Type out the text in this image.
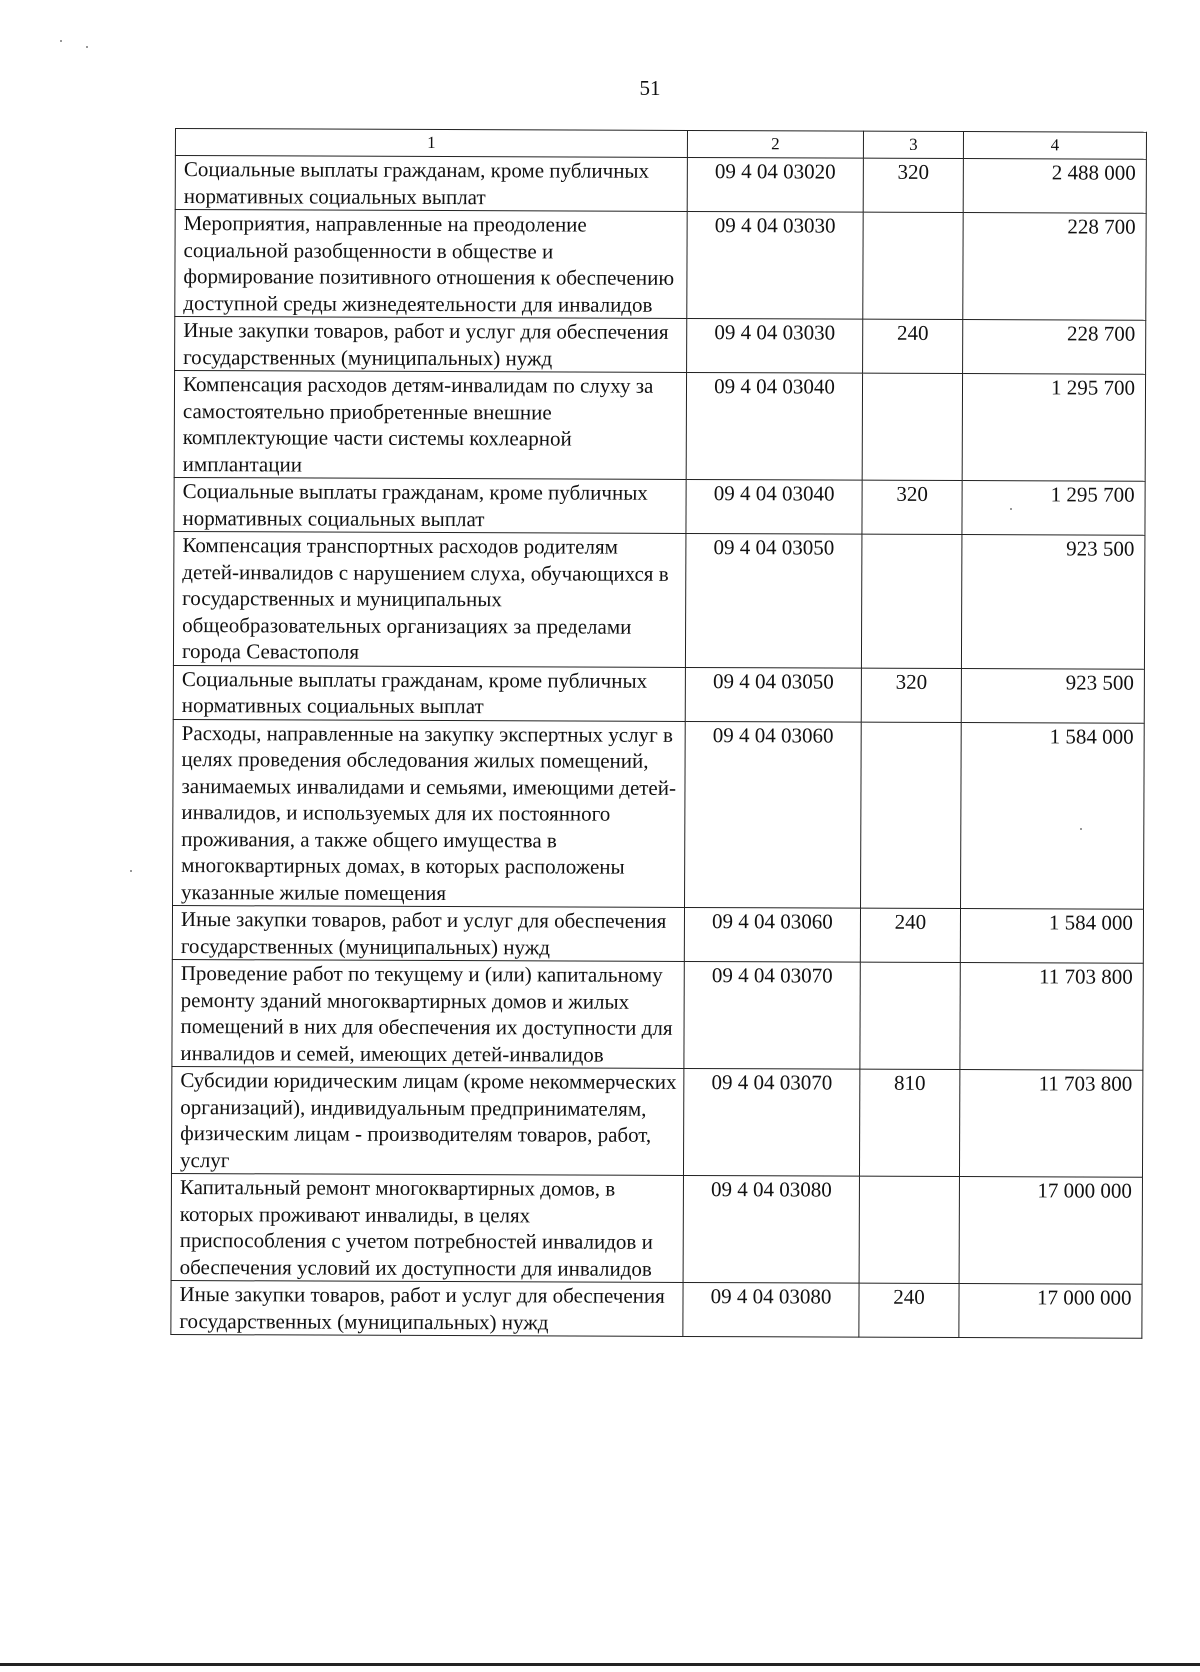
51
1	2	3	4
Социальные выплаты гражданам, кроме публичных нормативных социальных выплат	09 4 04 03020	320	2 488 000
Мероприятия, направленные на преодоление социальной разобщенности в обществе и формирование позитивного отношения к обеспечению доступной среды жизнедеятельности для инвалидов	09 4 04 03030		228 700
Иные закупки товаров, работ и услуг для обеспечения государственных (муниципальных) нужд	09 4 04 03030	240	228 700
Компенсация расходов детям-инвалидам по слуху за самостоятельно приобретенные внешние комплектующие части системы кохлеарной имплантации	09 4 04 03040		1 295 700
Социальные выплаты гражданам, кроме публичных нормативных социальных выплат	09 4 04 03040	320	1 295 700
Компенсация транспортных расходов родителям детей-инвалидов с нарушением слуха, обучающихся в государственных и муниципальных общеобразовательных организациях за пределами города Севастополя	09 4 04 03050		923 500
Социальные выплаты гражданам, кроме публичных нормативных социальных выплат	09 4 04 03050	320	923 500
Расходы, направленные на закупку экспертных услуг в целях проведения обследования жилых помещений, занимаемых инвалидами и семьями, имеющими детей-инвалидов, и используемых для их постоянного проживания, а также общего имущества в многоквартирных домах, в которых расположены указанные жилые помещения	09 4 04 03060		1 584 000
Иные закупки товаров, работ и услуг для обеспечения государственных (муниципальных) нужд	09 4 04 03060	240	1 584 000
Проведение работ по текущему и (или) капитальному ремонту зданий многоквартирных домов и жилых помещений в них для обеспечения их доступности для инвалидов и семей, имеющих детей-инвалидов	09 4 04 03070		11 703 800
Субсидии юридическим лицам (кроме некоммерческих организаций), индивидуальным предпринимателям, физическим лицам - производителям товаров, работ, услуг	09 4 04 03070	810	11 703 800
Капитальный ремонт многоквартирных домов, в которых проживают инвалиды, в целях приспособления с учетом потребностей инвалидов и обеспечения условий их доступности для инвалидов	09 4 04 03080		17 000 000
Иные закупки товаров, работ и услуг для обеспечения государственных (муниципальных) нужд	09 4 04 03080	240	17 000 000
